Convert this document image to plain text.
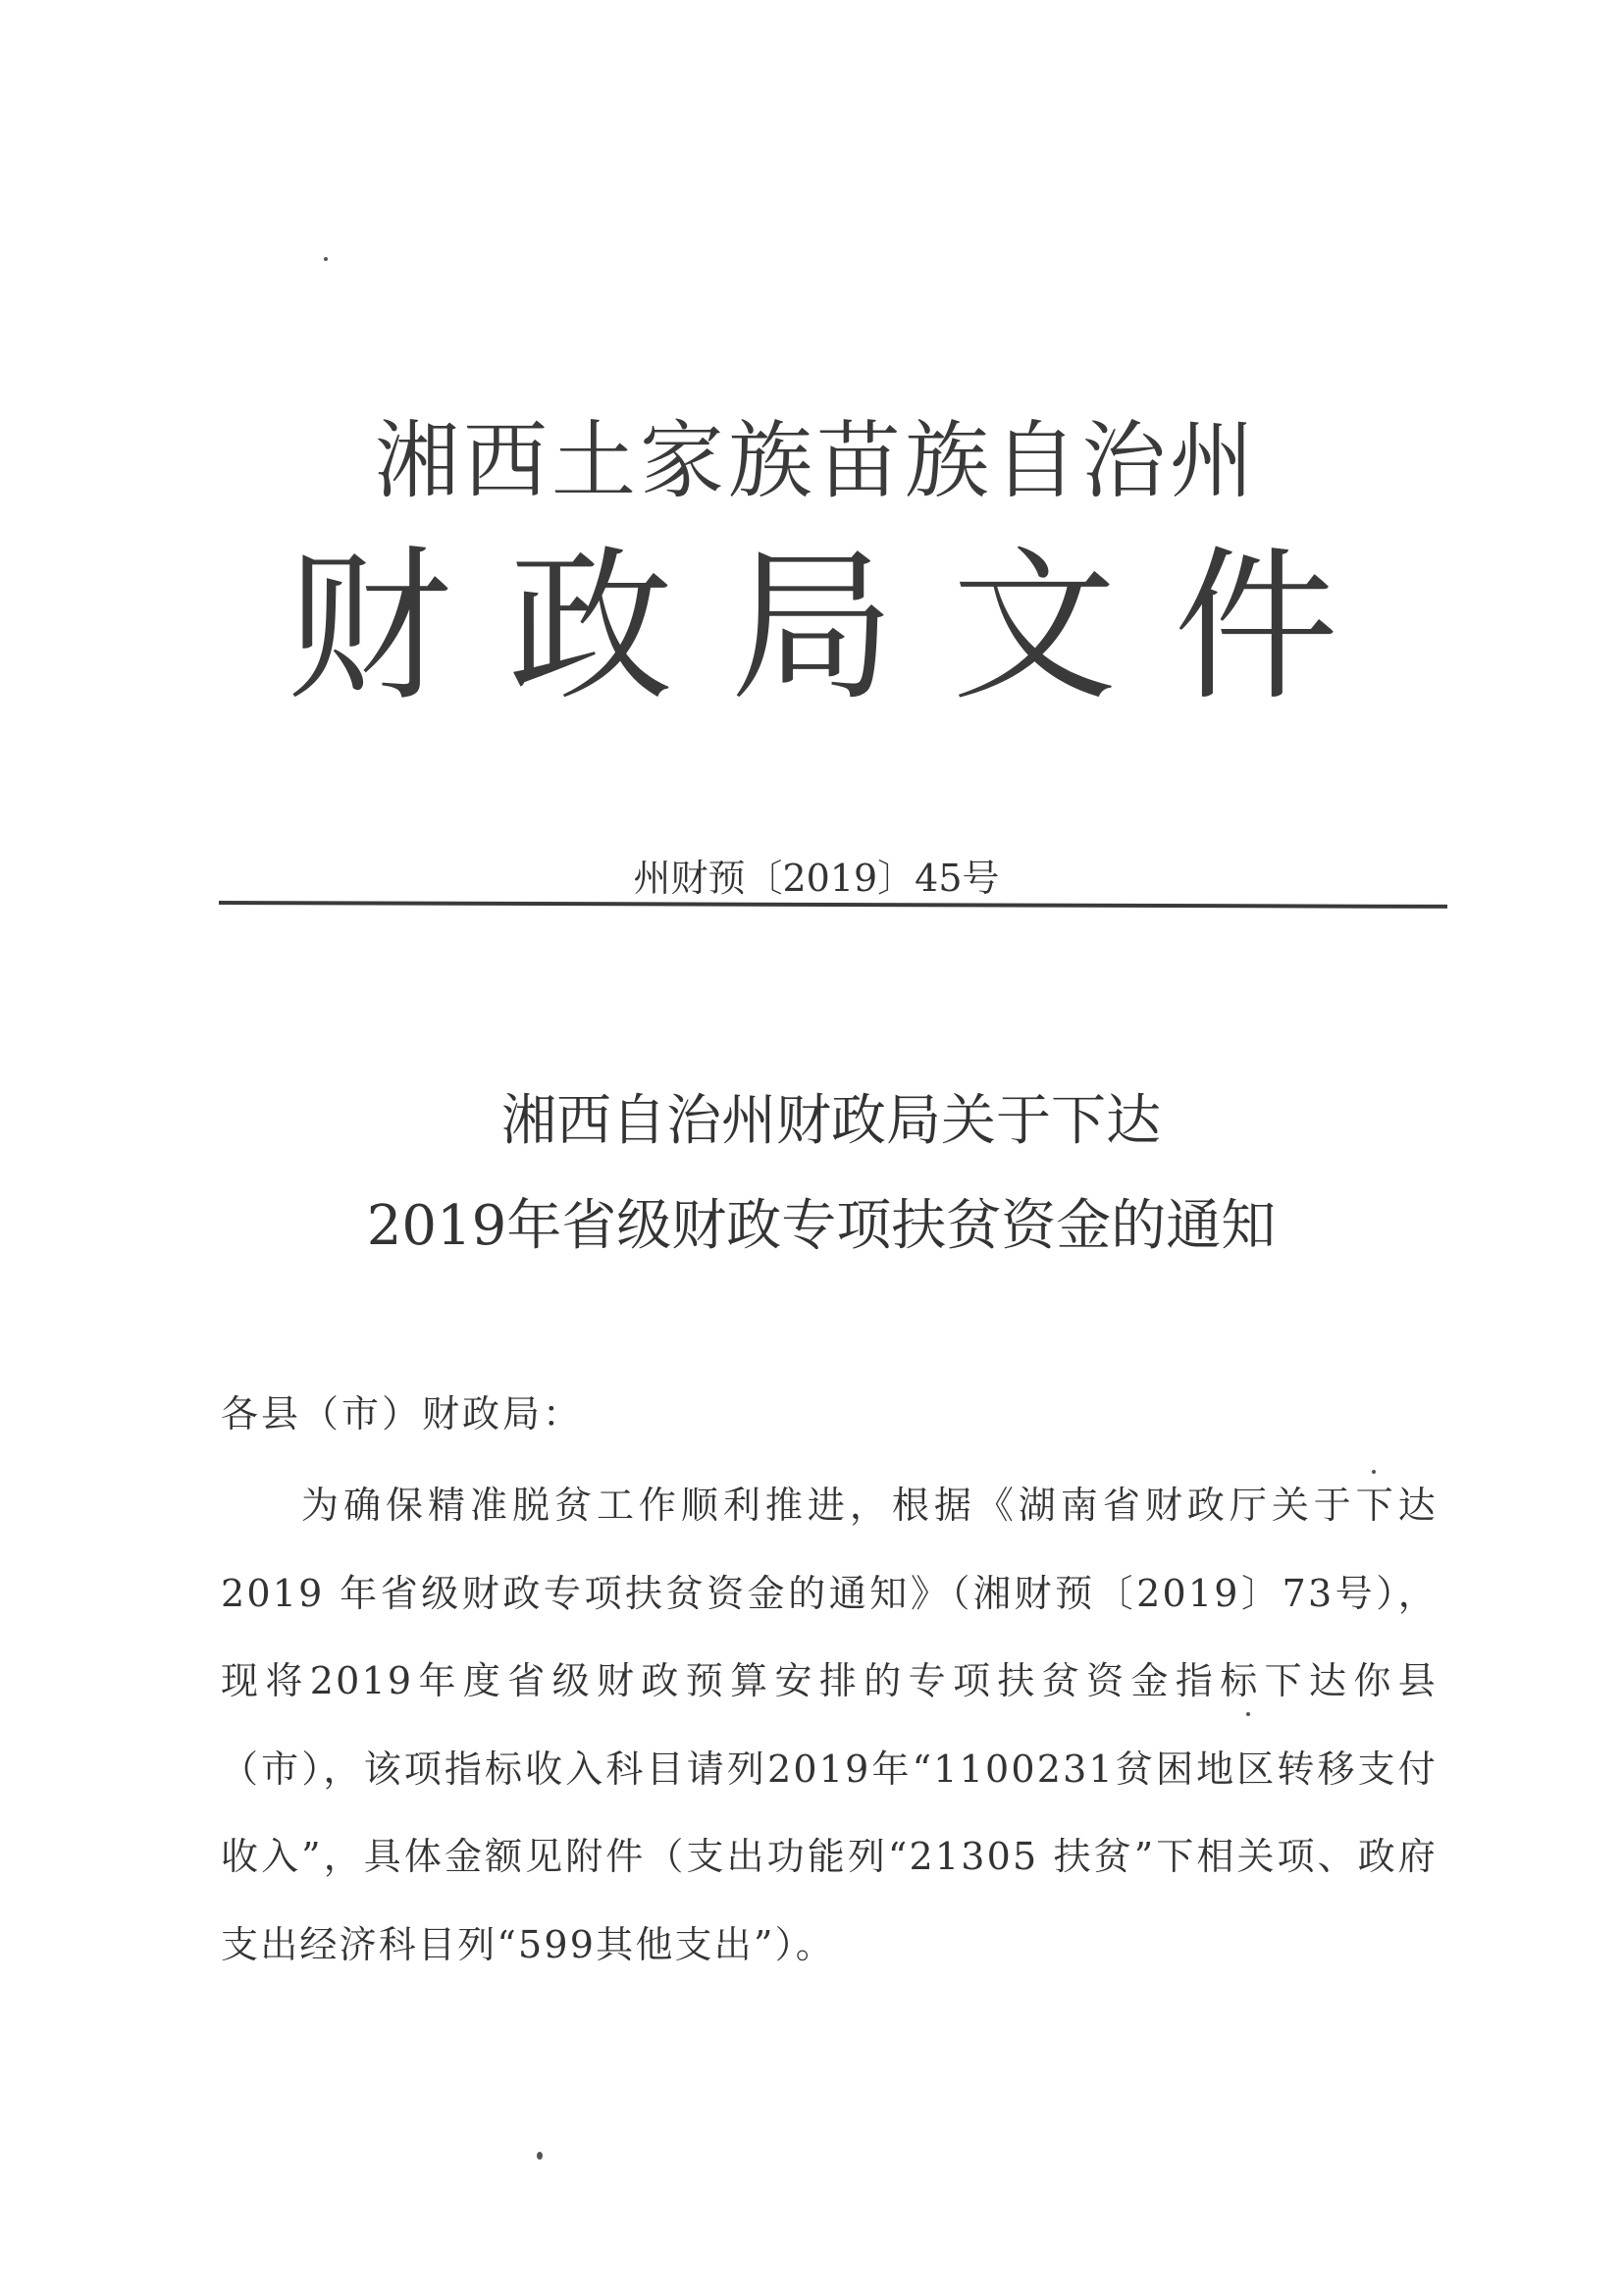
湘西土家族苗族自治州
财政局文件
州财预〔2019〕45号
湘西自治州财政局关于下达
2019年省级财政专项扶贫资金的通知
各县（市）财政局：

为确保精准脱贫工作顺利推进，根据《湖南省财政厅关于下达 2019 年省级财政专项扶贫资金的通知》（湘财预〔2019〕73号），现将2019年度省级财政预算安排的专项扶贫资金指标下达你县（市），该项指标收入科目请列2019年“1100231贫困地区转移支付收入”，具体金额见附件（支出功能列“21305 扶贫”下相关项、政府支出经济科目列“599其他支出”）。
